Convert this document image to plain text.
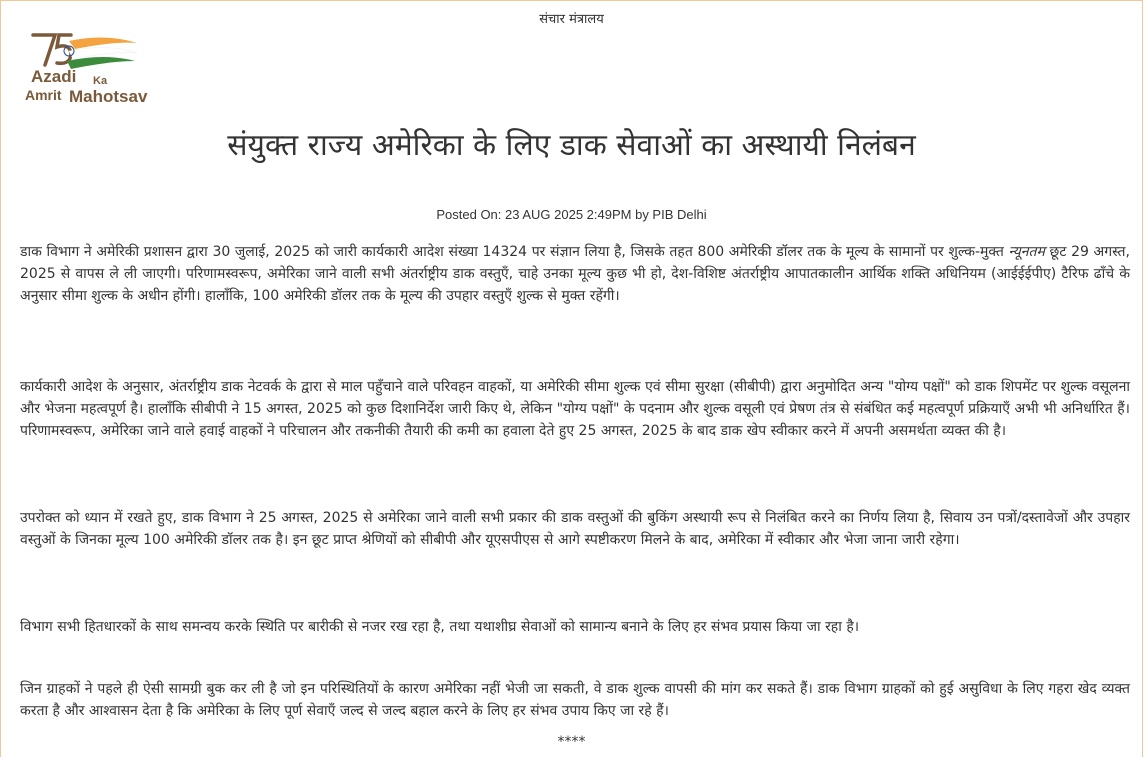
संचार मंत्रालय
Azadi Ka
Amrit Mahotsav
संयुक्त राज्य अमेरिका के लिए डाक सेवाओं का अस्थायी निलंबन
Posted On: 23 AUG 2025 2:49PM by PIB Delhi

डाक विभाग ने अमेरिकी प्रशासन द्वारा 30 जुलाई, 2025 को जारी कार्यकारी आदेश संख्या 14324 पर संज्ञान लिया है, जिसके तहत 800 अमेरिकी डॉलर तक के मूल्य के सामानों पर शुल्क-मुक्त न्यूनतम छूट 29 अगस्त, 2025 से वापस ले ली जाएगी। परिणामस्वरूप, अमेरिका जाने वाली सभी अंतर्राष्ट्रीय डाक वस्तुएँ, चाहे उनका मूल्य कुछ भी हो, देश-विशिष्ट अंतर्राष्ट्रीय आपातकालीन आर्थिक शक्ति अधिनियम (आईईईपीए) टैरिफ ढाँचे के अनुसार सीमा शुल्क के अधीन होंगी। हालाँकि, 100 अमेरिकी डॉलर तक के मूल्य की उपहार वस्तुएँ शुल्क से मुक्त रहेंगी।

कार्यकारी आदेश के अनुसार, अंतर्राष्ट्रीय डाक नेटवर्क के द्वारा से माल पहुँचाने वाले परिवहन वाहकों, या अमेरिकी सीमा शुल्क एवं सीमा सुरक्षा (सीबीपी) द्वारा अनुमोदित अन्य "योग्य पक्षों" को डाक शिपमेंट पर शुल्क वसूलना और भेजना महत्वपूर्ण है। हालाँकि सीबीपी ने 15 अगस्त, 2025 को कुछ दिशानिर्देश जारी किए थे, लेकिन "योग्य पक्षों" के पदनाम और शुल्क वसूली एवं प्रेषण तंत्र से संबंधित कई महत्वपूर्ण प्रक्रियाएँ अभी भी अनिर्धारित हैं। परिणामस्वरूप, अमेरिका जाने वाले हवाई वाहकों ने परिचालन और तकनीकी तैयारी की कमी का हवाला देते हुए 25 अगस्त, 2025 के बाद डाक खेप स्वीकार करने में अपनी असमर्थता व्यक्त की है।

उपरोक्त को ध्यान में रखते हुए, डाक विभाग ने 25 अगस्त, 2025 से अमेरिका जाने वाली सभी प्रकार की डाक वस्तुओं की बुकिंग अस्थायी रूप से निलंबित करने का निर्णय लिया है, सिवाय उन पत्रों/दस्तावेजों और उपहार वस्तुओं के जिनका मूल्य 100 अमेरिकी डॉलर तक है। इन छूट प्राप्त श्रेणियों को सीबीपी और यूएसपीएस से आगे स्पष्टीकरण मिलने के बाद, अमेरिका में स्वीकार और भेजा जाना जारी रहेगा।

विभाग सभी हितधारकों के साथ समन्वय करके स्थिति पर बारीकी से नजर रख रहा है, तथा यथाशीघ्र सेवाओं को सामान्य बनाने के लिए हर संभव प्रयास किया जा रहा है।

जिन ग्राहकों ने पहले ही ऐसी सामग्री बुक कर ली है जो इन परिस्थितियों के कारण अमेरिका नहीं भेजी जा सकती, वे डाक शुल्क वापसी की मांग कर सकते हैं। डाक विभाग ग्राहकों को हुई असुविधा के लिए गहरा खेद व्यक्त करता है और आश्वासन देता है कि अमेरिका के लिए पूर्ण सेवाएँ जल्द से जल्द बहाल करने के लिए हर संभव उपाय किए जा रहे हैं।

****
